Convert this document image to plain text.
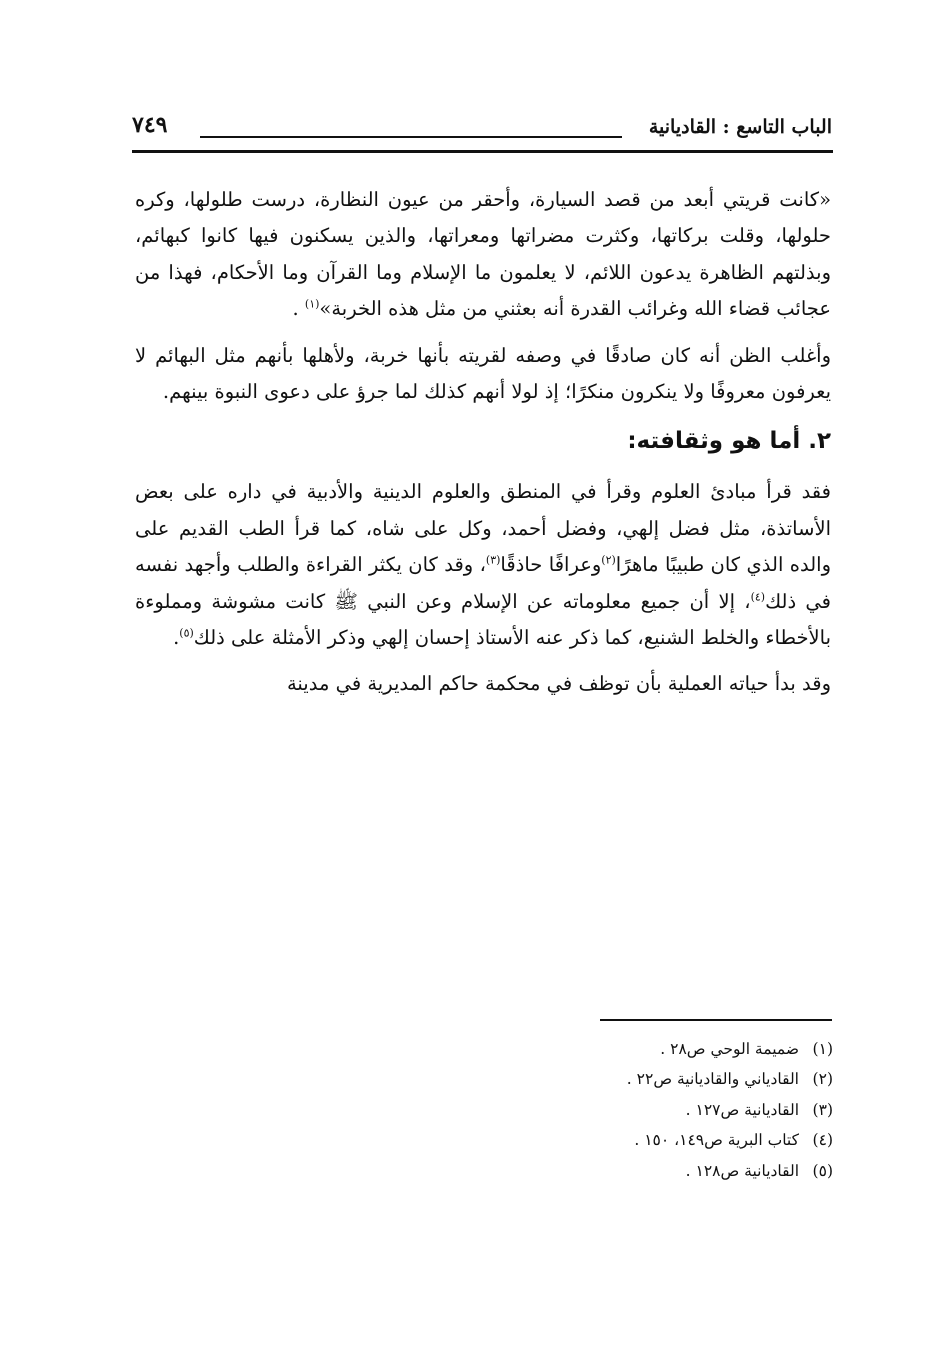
الباب التاسع : القاديانية
٧٤٩

«كانت قريتي أبعد من قصد السيارة، وأحقر من عيون النظارة، درست طلولها، وكره حلولها، وقلت بركاتها، وكثرت مضراتها ومعراتها، والذين يسكنون فيها كانوا كبهائم، وبذلتهم الظاهرة يدعون اللائم، لا يعلمون ما الإسلام وما القرآن وما الأحكام، فهذا من عجائب قضاء الله وغرائب القدرة أنه بعثني من مثل هذه الخربة»$^{(١)}$ .

وأغلب الظن أنه كان صادقًا في وصفه لقريته بأنها خربة، ولأهلها بأنهم مثل البهائم لا يعرفون معروفًا ولا ينكرون منكرًا؛ إذ لولا أنهم كذلك لما جرؤ على دعوى النبوة بينهم.

٢. أما هو وثقافته:

فقد قرأ مبادئ العلوم وقرأ في المنطق والعلوم الدينية والأدبية في داره على بعض الأساتذة، مثل فضل إلهي، وفضل أحمد، وكل على شاه، كما قرأ الطب القديم على والده الذي كان طبيبًا ماهرًا$^{(٢)}$وعرافًا حاذقًا$^{(٣)}$، وقد كان يكثر القراءة والطلب وأجهد نفسه في ذلك$^{(٤)}$، إلا أن جميع معلوماته عن الإسلام وعن النبي ﷺ كانت مشوشة ومملوءة بالأخطاء والخلط الشنيع، كما ذكر عنه الأستاذ إحسان إلهي وذكر الأمثلة على ذلك$^{(٥)}$.

وقد بدأ حياته العملية بأن توظف في محكمة حاكم المديرية في مدينة

(١)ضميمة الوحي ص٢٨ .
(٢)القادياني والقاديانية ص٢٢ .
(٣)القاديانية ص١٢٧ .
(٤)كتاب البرية ص١٤٩، ١٥٠ .
(٥)القاديانية ص١٢٨ .
